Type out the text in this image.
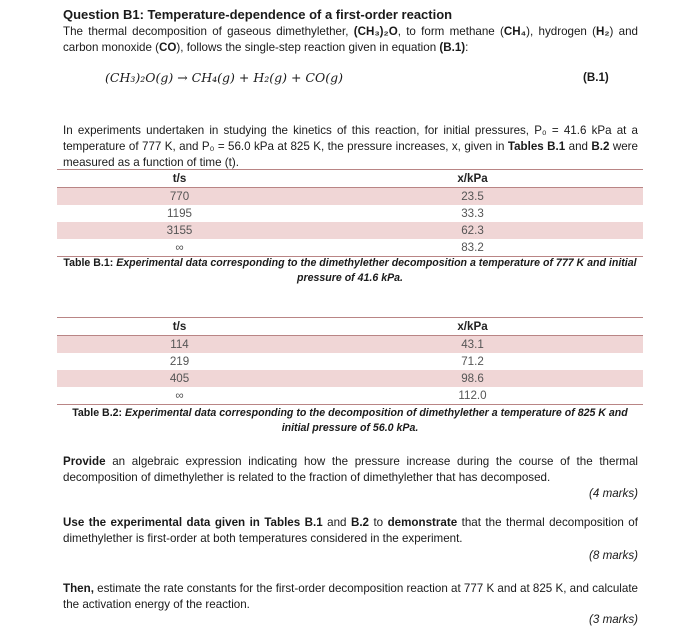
Question B1: Temperature-dependence of a first-order reaction
The thermal decomposition of gaseous dimethylether, (CH₃)₂O, to form methane (CH₄), hydrogen (H₂) and carbon monoxide (CO), follows the single-step reaction given in equation (B.1):
(CH₃)₂O(g) → CH₄(g) + H₂(g) + CO(g)	(B.1)
In experiments undertaken in studying the kinetics of this reaction, for initial pressures, P₀ = 41.6 kPa at a temperature of 777 K, and P₀ = 56.0 kPa at 825 K, the pressure increases, x, given in Tables B.1 and B.2 were measured as a function of time (t).
t/s	x/kPa
770	23.5
1195	33.3
3155	62.3
∞	83.2
Table B.1: Experimental data corresponding to the dimethylether decomposition a temperature of 777 K and initial pressure of 41.6 kPa.
t/s	x/kPa
114	43.1
219	71.2
405	98.6
∞	112.0
Table B.2: Experimental data corresponding to the decomposition of dimethylether a temperature of 825 K and initial pressure of 56.0 kPa.
Provide an algebraic expression indicating how the pressure increase during the course of the thermal decomposition of dimethylether is related to the fraction of dimethylether that has decomposed.
(4 marks)
Use the experimental data given in Tables B.1 and B.2 to demonstrate that the thermal decomposition of dimethylether is first-order at both temperatures considered in the experiment.
(8 marks)
Then, estimate the rate constants for the first-order decomposition reaction at 777 K and at 825 K, and calculate the activation energy of the reaction.
(3 marks)
